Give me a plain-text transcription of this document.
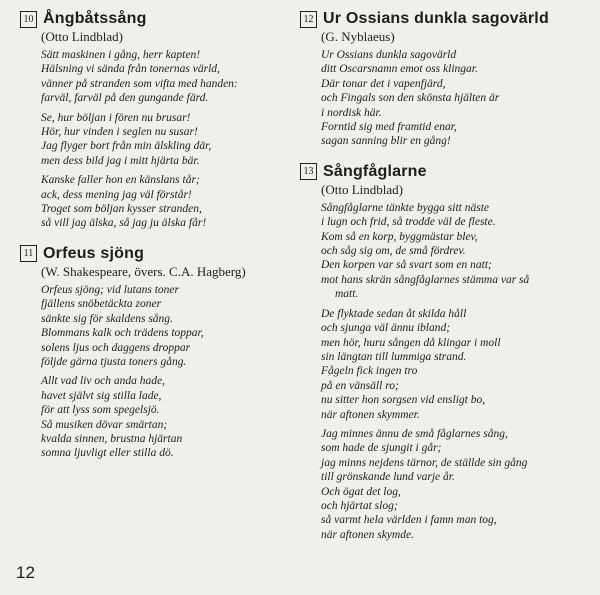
10 Ångbåtssång
(Otto Lindblad)
Sätt maskinen i gång, herr kapten!
Hälsning vi sända från tonernas värld,
vänner på stranden som vifta med handen:
farväl, farväl på den gungande färd.
Se, hur böljan i fören nu brusar!
Hör, hur vinden i seglen nu susar!
Jag flyger bort från min älskling där,
men dess bild jag i mitt hjärta bär.
Kanske faller hon en känslans tår;
ack, dess mening jag väl förstår!
Troget som böljan kysser stranden,
så vill jag älska, så jag ju älska får!
11 Orfeus sjöng
(W. Shakespeare, övers. C.A. Hagberg)
Orfeus sjöng; vid lutans toner
fjällens snöbetäckta zoner
sänkte sig för skaldens sång.
Blommans kalk och trädens toppar,
solens ljus och daggens droppar
följde gärna tjusta toners gång.
Allt vad liv och anda hade,
havet självt sig stilla lade,
för att lyss som spegelsjö.
Så musiken dövar smärtan;
kvalda sinnen, brustna hjärtan
somna ljuvligt eller stilla dö.
12 Ur Ossians dunkla sagovärld
(G. Nyblaeus)
Ur Ossians dunkla sagovärld
ditt Oscarsnamn emot oss klingar.
Där tonar det i vapenfjärd,
och Fingals son den skönsta hjälten är
i nordisk här.
Forntid sig med framtid enar,
sagan sanning blir en gång!
13 Sångfåglarne
(Otto Lindblad)
Sångfåglarne tänkte bygga sitt näste
i lugn och frid, så trodde väl de fleste.
Kom så en korp, byggmästar blev,
och såg sig om, de små fördrev.
Den korpen var så svart som en natt;
mot hans skrän sångfåglarnes stämma var så
matt.
De flyktade sedan åt skilda håll
och sjunga väl ännu ibland;
men hör, huru sången då klingar i moll
sin längtan till lummiga strand.
Fågeln fick ingen tro
på en vänsäll ro;
nu sitter hon sorgsen vid ensligt bo,
när aftonen skymmer.
Jag minnes ännu de små fåglarnes sång,
som hade de sjungit i går;
jag minns nejdens tärnor, de ställde sin gång
till grönskande lund varje år.
Och ögat det log,
och hjärtat slog;
så varmt hela världen i famn man tog,
när aftonen skymde.
12
